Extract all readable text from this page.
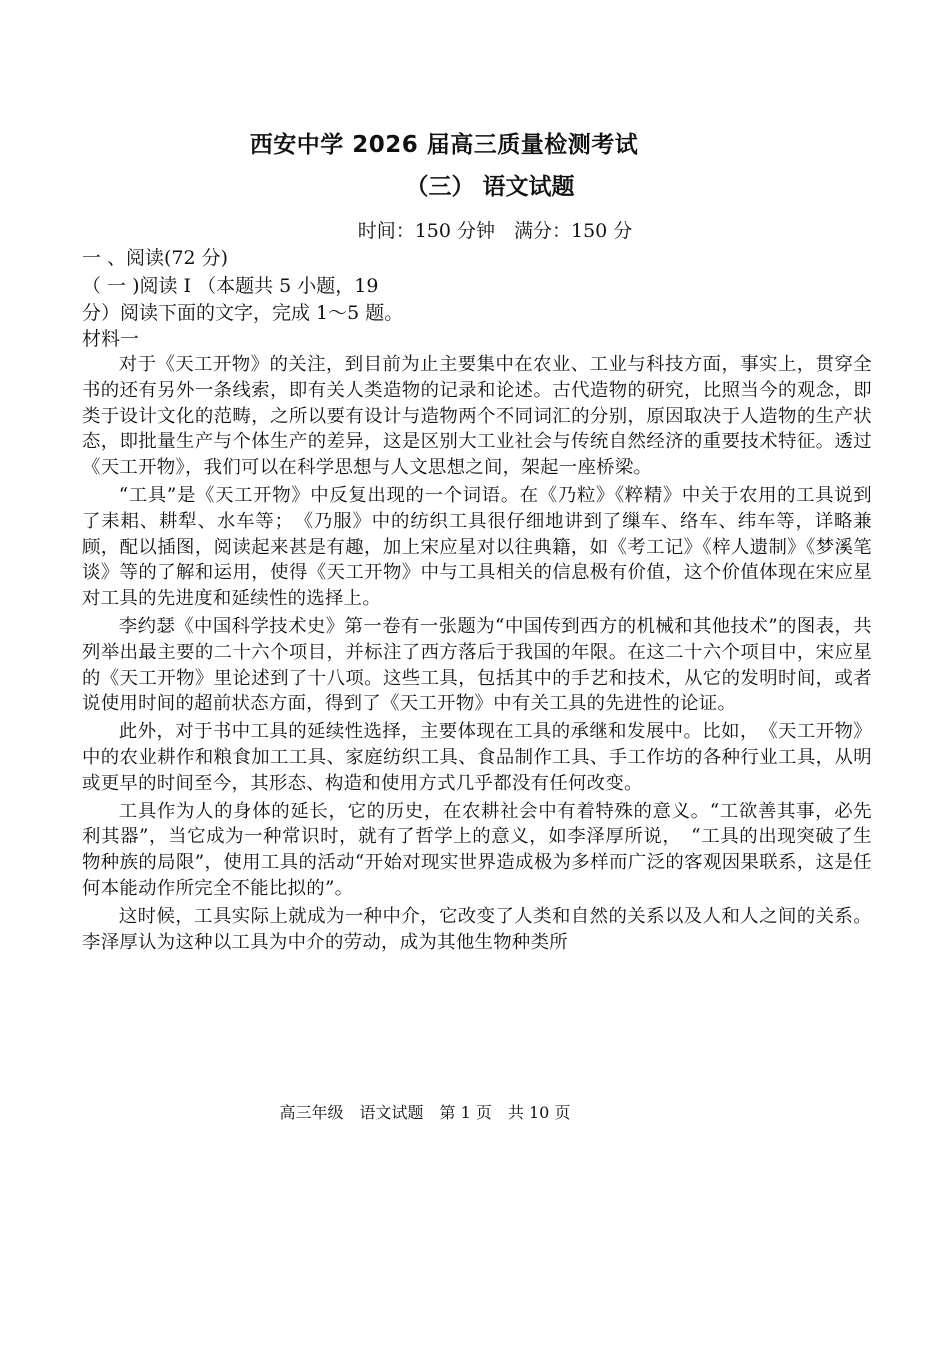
西安中学 2026 届高三质量检测考试
（三） 语文试题
时间：150 分钟　满分：150 分
一 、阅读(72 分)
（ 一 )阅读 I （本题共 5 小题，19
分）阅读下面的文字，完成 1～5 题。
材料一

对于《天工开物》的关注，到目前为止主要集中在农业、工业与科技方面，事实上，贯穿全书的还有另外一条线索，即有关人类造物的记录和论述。古代造物的研究，比照当今的观念，即类于设计文化的范畴，之所以要有设计与造物两个不同词汇的分别，原因取决于人造物的生产状态，即批量生产与个体生产的差异，这是区别大工业社会与传统自然经济的重要技术特征。透过《天工开物》，我们可以在科学思想与人文思想之间，架起一座桥梁。

“工具”是《天工开物》中反复出现的一个词语。在《乃粒》《粹精》中关于农用的工具说到了耒耜、耕犁、水车等；　《乃服》中的纺织工具很仔细地讲到了缫车、络车、纬车等，详略兼顾，配以插图，阅读起来甚是有趣，加上宋应星对以往典籍，如《考工记》《梓人遗制》《梦溪笔谈》等的了解和运用，使得《天工开物》中与工具相关的信息极有价值，这个价值体现在宋应星对工具的先进度和延续性的选择上。

李约瑟《中国科学技术史》第一卷有一张题为“中国传到西方的机械和其他技术”的图表，共列举出最主要的二十六个项目，并标注了西方落后于我国的年限。在这二十六个项目中，宋应星的《天工开物》里论述到了十八项。这些工具，包括其中的手艺和技术，从它的发明时间，或者说使用时间的超前状态方面，得到了《天工开物》中有关工具的先进性的论证。

此外，对于书中工具的延续性选择，主要体现在工具的承继和发展中。比如，　《天工开物》中的农业耕作和粮食加工工具、家庭纺织工具、食品制作工具、手工作坊的各种行业工具，从明或更早的时间至今，其形态、构造和使用方式几乎都没有任何改变。

工具作为人的身体的延长，它的历史，在农耕社会中有着特殊的意义。“工欲善其事，必先利其器”，当它成为一种常识时，就有了哲学上的意义，如李泽厚所说，　“工具的出现突破了生物种族的局限”，使用工具的活动“开始对现实世界造成极为多样而广泛的客观因果联系，这是任何本能动作所完全不能比拟的”。

这时候，工具实际上就成为一种中介，它改变了人类和自然的关系以及人和人之间的关系。李泽厚认为这种以工具为中介的劳动，成为其他生物种类所

高三年级　语文试题　第 1 页　共 10 页
